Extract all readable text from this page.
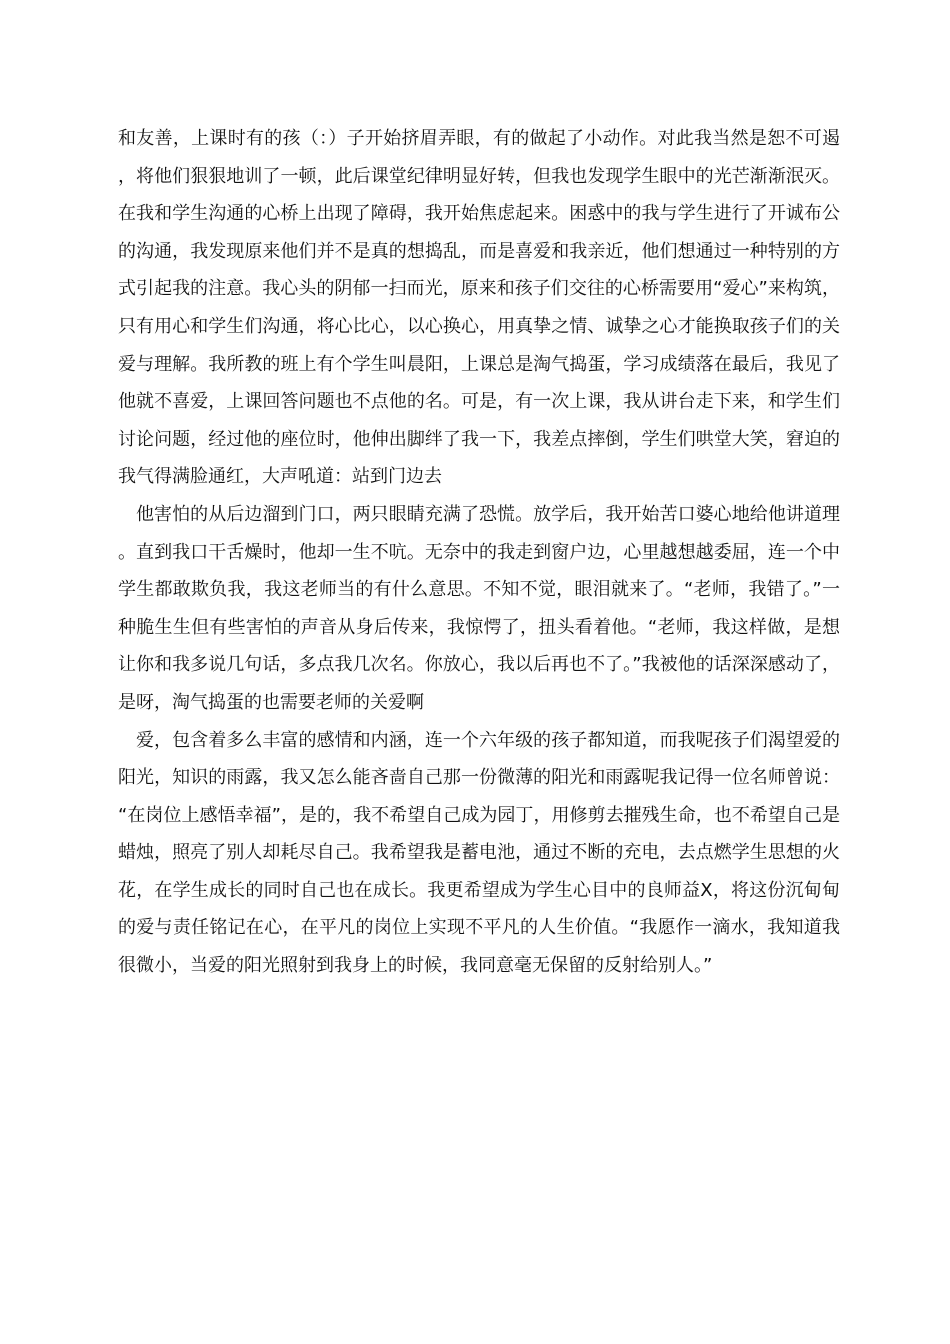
和友善，上课时有的孩（：）子开始挤眉弄眼，有的做起了小动作。对此我当然是恕不可遏，将他们狠狠地训了一顿，此后课堂纪律明显好转，但我也发现学生眼中的光芒渐渐泯灭。在我和学生沟通的心桥上出现了障碍，我开始焦虑起来。困惑中的我与学生进行了开诚布公的沟通，我发现原来他们并不是真的想捣乱，而是喜爱和我亲近，他们想通过一种特别的方式引起我的注意。我心头的阴郁一扫而光，原来和孩子们交往的心桥需要用“爱心”来构筑，只有用心和学生们沟通，将心比心，以心换心，用真挚之情、诚挚之心才能换取孩子们的关爱与理解。我所教的班上有个学生叫晨阳，上课总是淘气捣蛋，学习成绩落在最后，我见了他就不喜爱，上课回答问题也不点他的名。可是，有一次上课，我从讲台走下来，和学生们讨论问题，经过他的座位时，他伸出脚绊了我一下，我差点摔倒，学生们哄堂大笑，窘迫的我气得满脸通红，大声吼道：站到门边去

他害怕的从后边溜到门口，两只眼睛充满了恐慌。放学后，我开始苦口婆心地给他讲道理。直到我口干舌燥时，他却一生不吭。无奈中的我走到窗户边，心里越想越委屈，连一个中学生都敢欺负我，我这老师当的有什么意思。不知不觉，眼泪就来了。“老师，我错了。”一种脆生生但有些害怕的声音从身后传来，我惊愕了，扭头看着他。“老师，我这样做，是想让你和我多说几句话，多点我几次名。你放心，我以后再也不了。”我被他的话深深感动了，是呀，淘气捣蛋的也需要老师的关爱啊

爱，包含着多么丰富的感情和内涵，连一个六年级的孩子都知道，而我呢孩子们渴望爱的阳光，知识的雨露，我又怎么能吝啬自己那一份微薄的阳光和雨露呢我记得一位名师曾说：“在岗位上感悟幸福”，是的，我不希望自己成为园丁，用修剪去摧残生命，也不希望自己是蜡烛，照亮了别人却耗尽自己。我希望我是蓄电池，通过不断的充电，去点燃学生思想的火花，在学生成长的同时自己也在成长。我更希望成为学生心目中的良师益X，将这份沉甸甸的爱与责任铭记在心，在平凡的岗位上实现不平凡的人生价值。“我愿作一滴水，我知道我很微小，当爱的阳光照射到我身上的时候，我同意毫无保留的反射给别人。”
